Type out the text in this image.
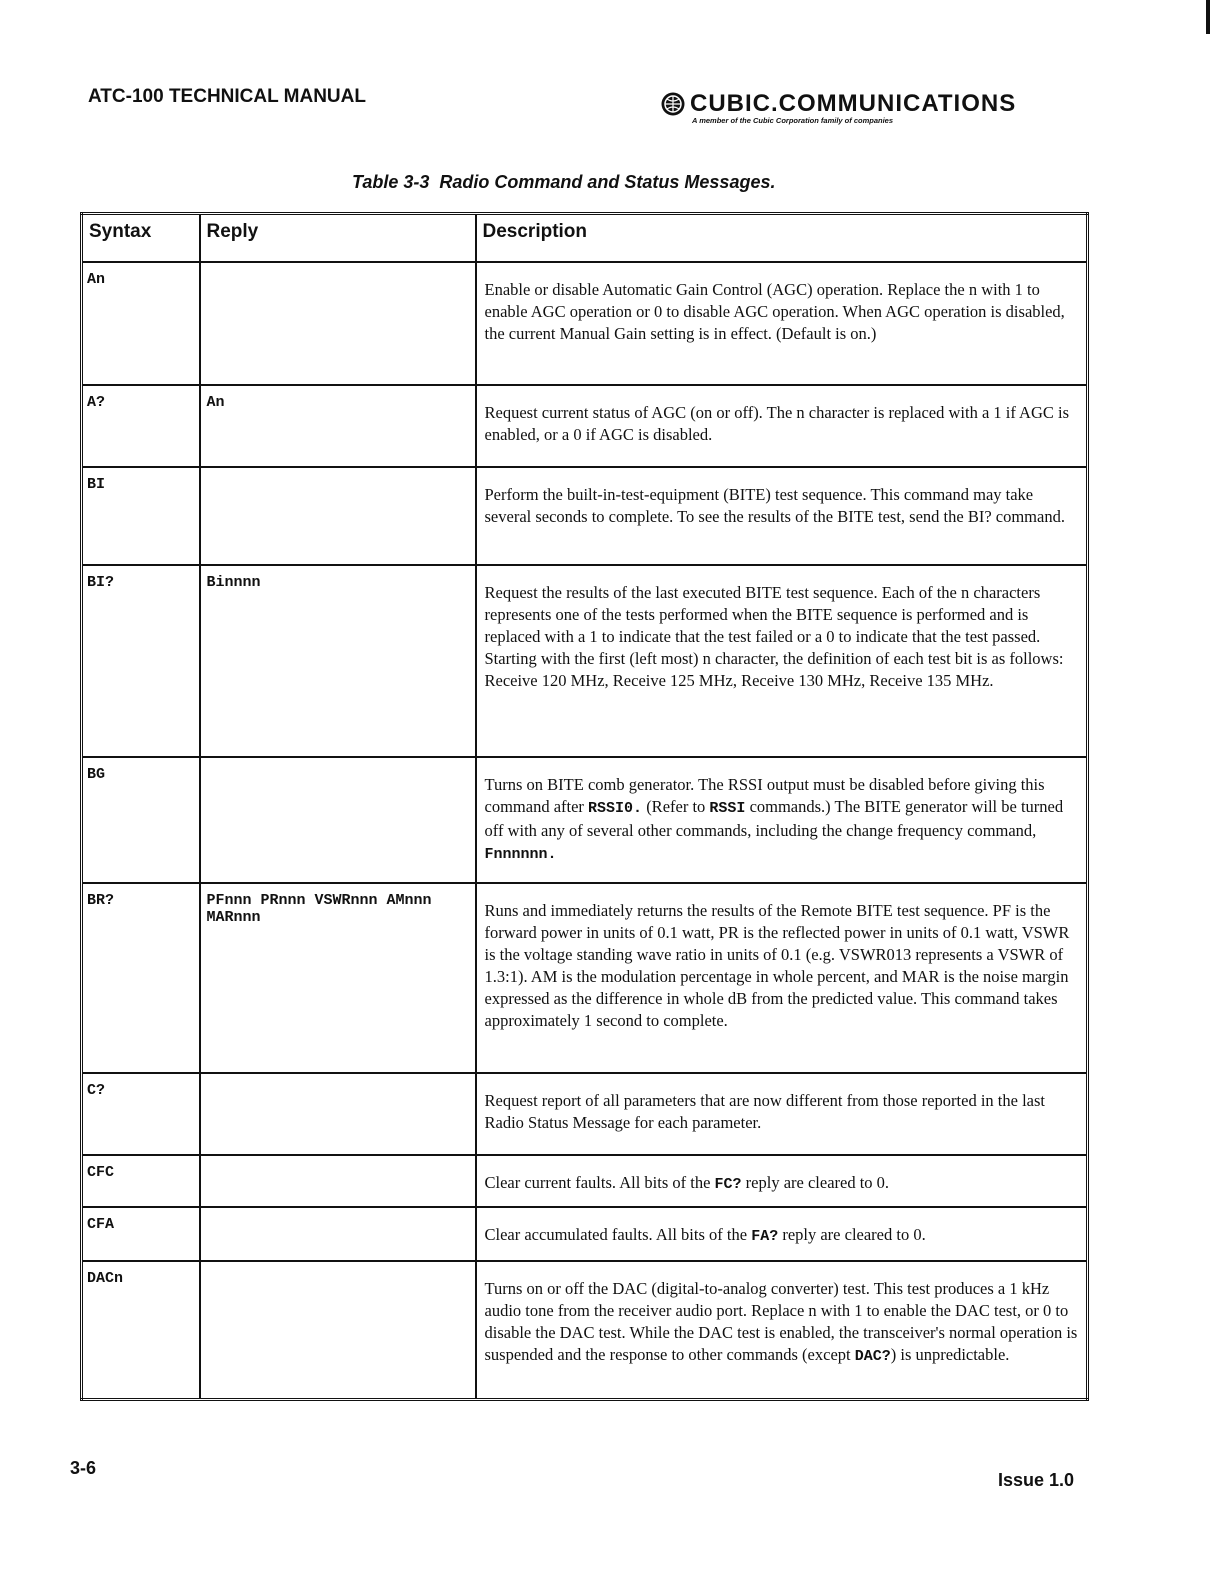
ATC-100 TECHNICAL MANUAL	CUBIC.COMMUNICATIONS
A member of the Cubic Corporation family of companies
Table 3-3 Radio Command and Status Messages.
Syntax	Reply	Description
An		Enable or disable Automatic Gain Control (AGC) operation. Replace the n with 1 to enable AGC operation or 0 to disable AGC operation. When AGC operation is disabled, the current Manual Gain setting is in effect. (Default is on.)
A?	An	Request current status of AGC (on or off). The n character is replaced with a 1 if AGC is enabled, or a 0 if AGC is disabled.
BI		Perform the built-in-test-equipment (BITE) test sequence. This command may take several seconds to complete. To see the results of the BITE test, send the BI? command.
BI?	Binnnn	Request the results of the last executed BITE test sequence. Each of the n characters represents one of the tests performed when the BITE sequence is performed and is replaced with a 1 to indicate that the test failed or a 0 to indicate that the test passed. Starting with the first (left most) n character, the definition of each test bit is as follows: Receive 120 MHz, Receive 125 MHz, Receive 130 MHz, Receive 135 MHz.
BG		Turns on BITE comb generator. The RSSI output must be disabled before giving this command after RSSI0. (Refer to RSSI commands.) The BITE generator will be turned off with any of several other commands, including the change frequency command, Fnnnnnn.
BR?	PFnnn PRnnn VSWRnnn AMnnn MARnnn	Runs and immediately returns the results of the Remote BITE test sequence. PF is the forward power in units of 0.1 watt, PR is the reflected power in units of 0.1 watt, VSWR is the voltage standing wave ratio in units of 0.1 (e.g. VSWR013 represents a VSWR of 1.3:1). AM is the modulation percentage in whole percent, and MAR is the noise margin expressed as the difference in whole dB from the predicted value. This command takes approximately 1 second to complete.
C?		Request report of all parameters that are now different from those reported in the last Radio Status Message for each parameter.
CFC		Clear current faults. All bits of the FC? reply are cleared to 0.
CFA		Clear accumulated faults. All bits of the FA? reply are cleared to 0.
DACn		Turns on or off the DAC (digital-to-analog converter) test. This test produces a 1 kHz audio tone from the receiver audio port. Replace n with 1 to enable the DAC test, or 0 to disable the DAC test. While the DAC test is enabled, the transceiver's normal operation is suspended and the response to other commands (except DAC?) is unpredictable.
3-6
Issue 1.0
